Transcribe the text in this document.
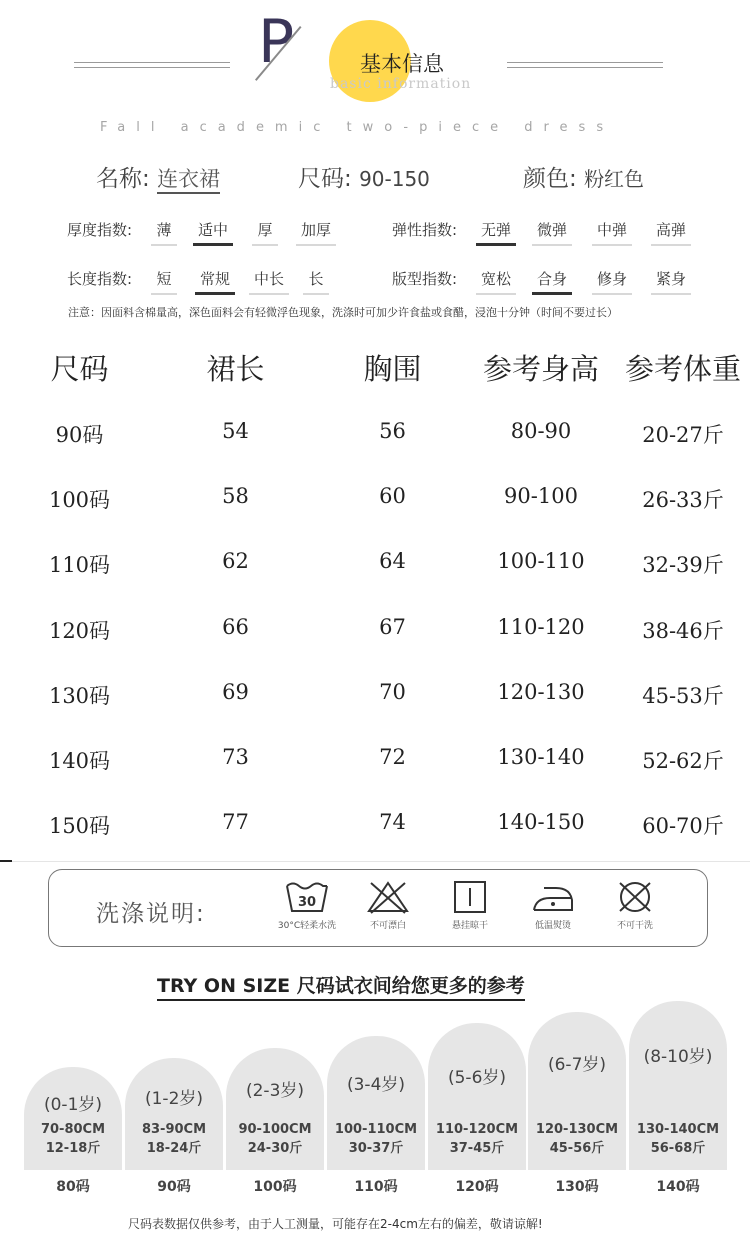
P	基本信息
basic information
Fall academic two-piece dress
名称: 连衣裙	尺码: 90-150	颜色: 粉红色
厚度指数: 薄 适中 厚 加厚	弹性指数: 无弹 微弹 中弹 高弹
长度指数: 短 常规 中长 长	版型指数: 宽松 合身 修身 紧身
注意：因面料含棉量高，深色面料会有轻微浮色现象，洗涤时可加少许食盐或食醋，浸泡十分钟（时间不要过长）
尺码	裙长	胸围	参考身高 参考体重
90码	54	56	80-90	20-27斤
100码	58	60	90-100	26-33斤
110码	62	64	100-110	32-39斤
120码	66	67	110-120	38-46斤
130码	69	70	120-130	45-53斤
140码	73	72	130-140	52-62斤
150码	77	74	140-150	60-70斤
洗涤说明:	30
30°C轻柔水洗	不可漂白	悬挂晾干	低温熨烫	不可干洗
TRY ON SIZE 尺码试衣间给您更多的参考
(0-1岁)
70-80CM
12-18斤
80码
(1-2岁)
83-90CM
18-24斤
90码
(2-3岁)
90-100CM
24-30斤
100码
(3-4岁)
100-110CM
30-37斤
110码
(5-6岁)
110-120CM
37-45斤
120码
(6-7岁)
120-130CM
45-56斤
130码
(8-10岁)
130-140CM
56-68斤
140码
尺码表数据仅供参考，由于人工测量，可能存在2-4cm左右的偏差，敬请谅解!
